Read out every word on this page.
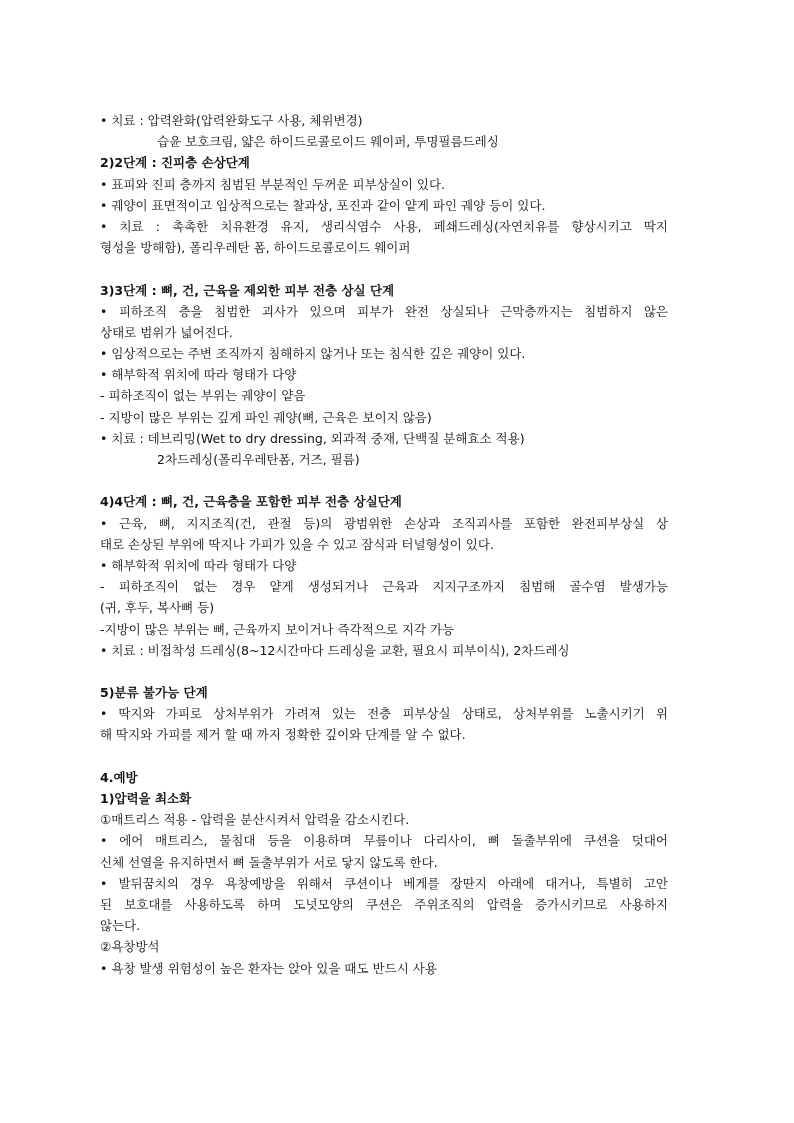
• 치료 : 압력완화(압력완화도구 사용, 체위변경)
습윤 보호크림, 얇은 하이드로콜로이드 웨이퍼, 투명필름드레싱
2)2단계 : 진피층 손상단계
• 표피와 진피 층까지 침범된 부분적인 두꺼운 피부상실이 있다.
• 궤양이 표면적이고 임상적으로는 찰과상, 포진과 같이 얕게 파인 궤양 등이 있다.
• 치료 : 촉촉한 치유환경 유지, 생리식염수 사용, 페쇄드레싱(자연치유를 향상시키고 딱지
형성을 방해함), 폴리우레탄 폼, 하이드로콜로이드 웨이퍼
3)3단계 : 뼈, 건, 근육을 제외한 피부 전층 상실 단계
• 피하조직 층을 침범한 괴사가 있으며 피부가 완전 상실되나 근막층까지는 침범하지 않은
상태로 범위가 넓어진다.
• 임상적으로는 주변 조직까지 침해하지 않거나 또는 침식한 깊은 궤양이 있다.
• 해부학적 위치에 따라 형태가 다양
- 피하조직이 없는 부위는 궤양이 얕음
- 지방이 많은 부위는 깊게 파인 궤양(뼈, 근육은 보이지 않음)
• 치료 : 데브리밍(Wet to dry dressing, 외과적 중재, 단백질 분해효소 적용)
2차드레싱(폴리우레탄폼, 거즈, 필름)
4)4단계 : 뼈, 건, 근육층을 포함한 피부 전층 상실단계
• 근육, 뼈, 지지조직(건, 관절 등)의 광범위한 손상과 조직괴사를 포함한 완전피부상실 상
태로 손상된 부위에 딱지나 가피가 있을 수 있고 잠식과 터널형성이 있다.
• 해부학적 위치에 따라 형태가 다양
- 피하조직이 없는 경우 얕게 생성되거나 근육과 지지구조까지 침범해 골수염 발생가능
(귀, 후두, 복사뼈 등)
-지방이 많은 부위는 뼈, 근육까지 보이거나 즉각적으로 지각 가능
• 치료 : 비접착성 드레싱(8~12시간마다 드레싱을 교환, 필요시 피부이식), 2차드레싱
5)분류 불가능 단계
• 딱지와 가피로 상처부위가 가려져 있는 전층 피부상실 상태로, 상처부위를 노출시키기 위
해 딱지와 가피를 제거 할 때 까지 정확한 깊이와 단계를 알 수 없다.
4.예방
1)압력을 최소화
①매트리스 적용 - 압력을 분산시켜서 압력을 감소시킨다.
• 에어 매트리스, 물침대 등을 이용하며 무릎이나 다리사이, 뼈 돌출부위에 쿠션을 덧대어
신체 선열을 유지하면서 뼈 돌출부위가 서로 닿지 않도록 한다.
• 발뒤꿈치의 경우 욕창예방을 위해서 쿠션이나 베게를 장딴지 아래에 대거나, 특별히 고안
된 보호대를 사용하도록 하며 도넛모양의 쿠션은 주위조직의 압력을 증가시키므로 사용하지
않는다.
②욕창방석
• 욕창 발생 위험성이 높은 환자는 앉아 있을 때도 반드시 사용
